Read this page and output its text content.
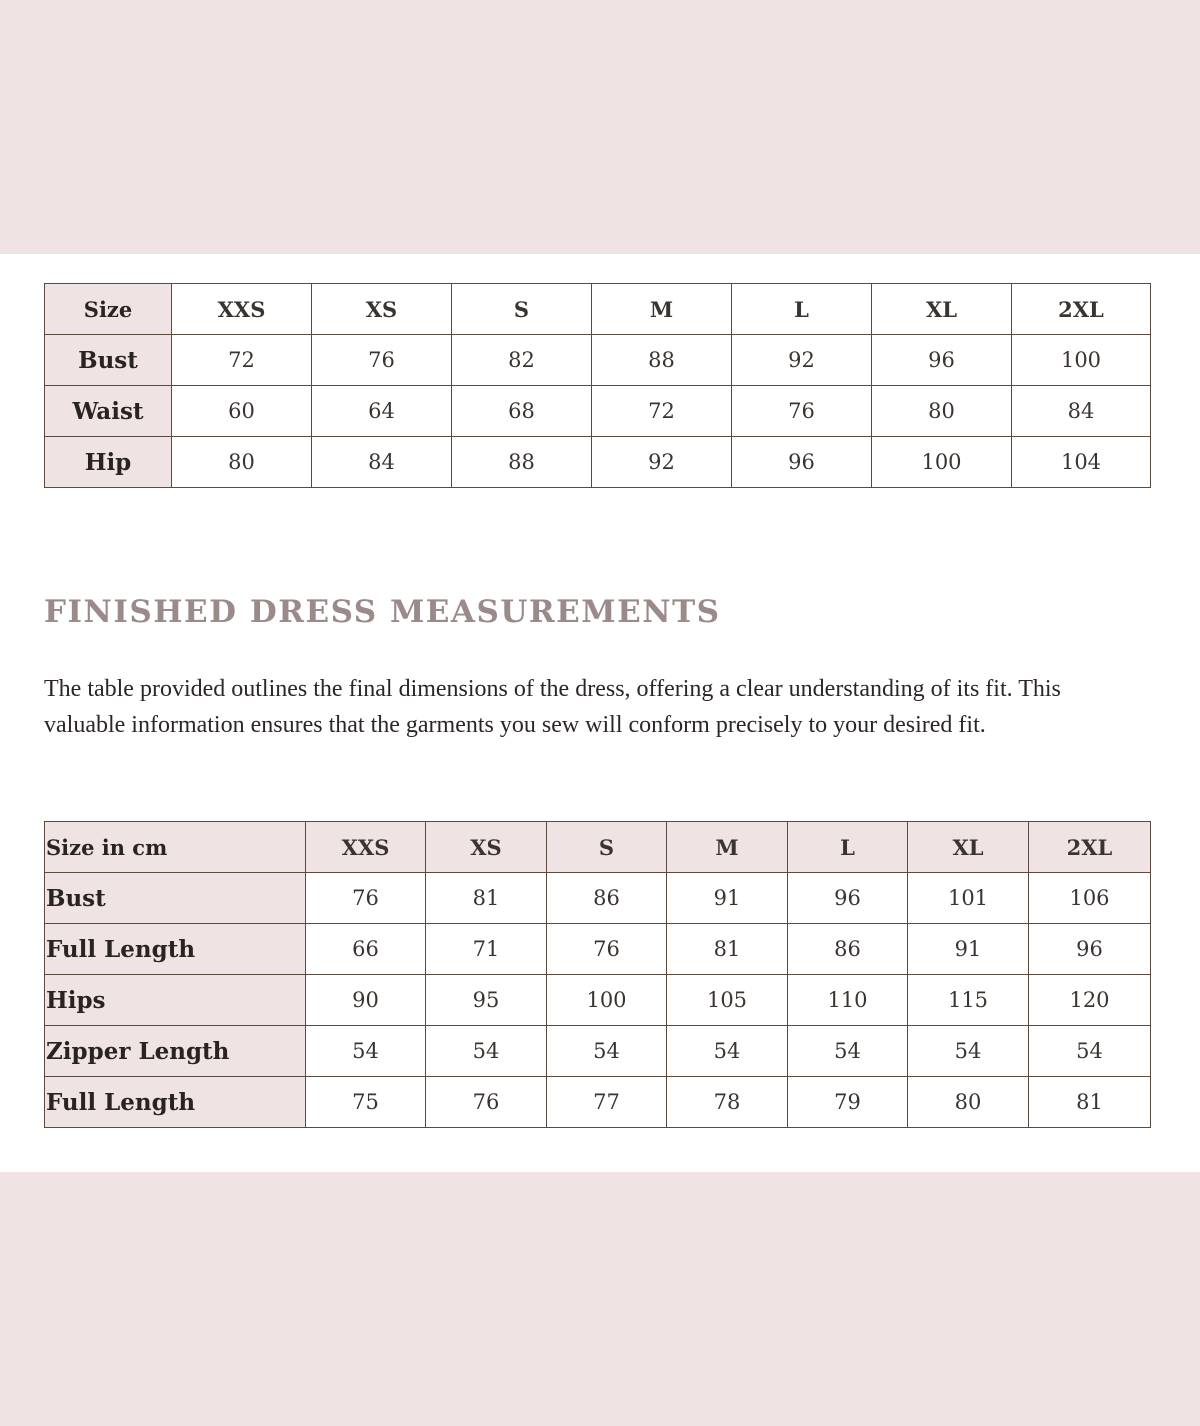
Size	XXS	XS	S	M	L	XL	2XL
Bust	72	76	82	88	92	96	100
Waist	60	64	68	72	76	80	84
Hip	80	84	88	92	96	100	104
FINISHED DRESS MEASUREMENTS

The table provided outlines the final dimensions of the dress, offering a clear understanding of its fit. This valuable information ensures that the garments you sew will conform precisely to your desired fit.

Size in cm	XXS	XS	S	M	L	XL	2XL
Bust	76	81	86	91	96	101	106
Full Length	66	71	76	81	86	91	96
Hips	90	95	100	105	110	115	120
Zipper Length	54	54	54	54	54	54	54
Full Length	75	76	77	78	79	80	81
